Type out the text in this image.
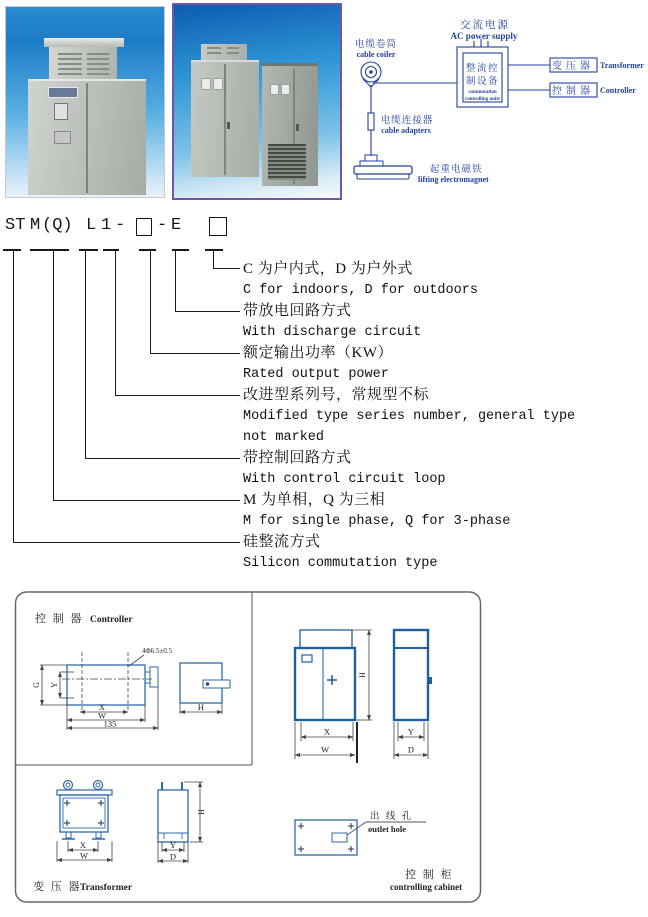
交流电源
AC power supply
电缆卷筒
cable coiler
整流控
制设备
commutation
controlling units
变压器 Transformer
控制器 Controller
电缆连接器
cable adapters
起重电磁铁
lifting electromagnet
ST M (Q) L 1 - - E
C 为户内式，D 为户外式
C for indoors, D for outdoors
带放电回路方式
With discharge circuit
额定输出功率（KW）
Rated output power
改进型系列号，常规型不标
Modified type series number, general type
not marked
带控制回路方式
With control circuit loop
M 为单相，Q 为三相
M for single phase, Q for 3-phase
硅整流方式
Silicon commutation type
控 制 器 Controller
G Y
4Φ6.5±0.5
X
W
135
H
H
X
W
Y
D
出 线 孔
outlet hole
控 制 柜
controlling cabinet
X
W
H
Y
D
变 压 器
Transformer
